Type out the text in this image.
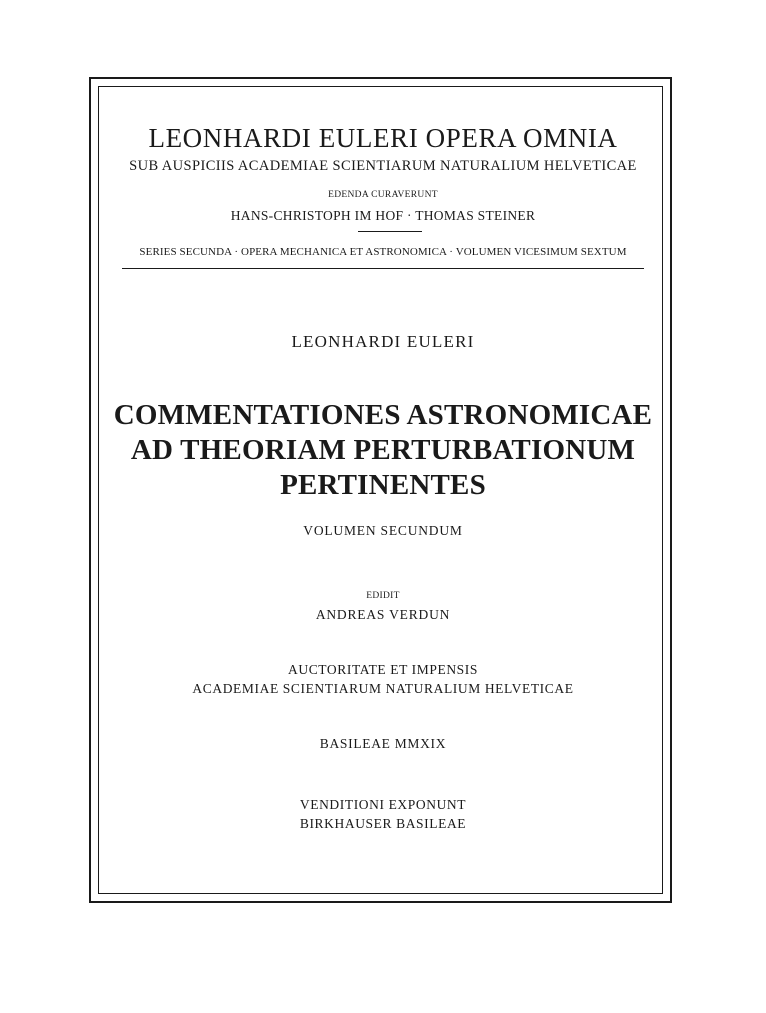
LEONHARDI EULERI OPERA OMNIA

SUB AUSPICIIS ACADEMIAE SCIENTIARUM NATURALIUM HELVETICAE

EDENDA CURAVERUNT

HANS-CHRISTOPH IM HOF · THOMAS STEINER

SERIES SECUNDA · OPERA MECHANICA ET ASTRONOMICA · VOLUMEN VICESIMUM SEXTUM

LEONHARDI EULERI

COMMENTATIONES ASTRONOMICAE
AD THEORIAM PERTURBATIONUM
PERTINENTES

VOLUMEN SECUNDUM

EDIDIT

ANDREAS VERDUN

AUCTORITATE ET IMPENSIS

ACADEMIAE SCIENTIARUM NATURALIUM HELVETICAE

BASILEAE MMXIX

VENDITIONI EXPONUNT

BIRKHAUSER BASILEAE
